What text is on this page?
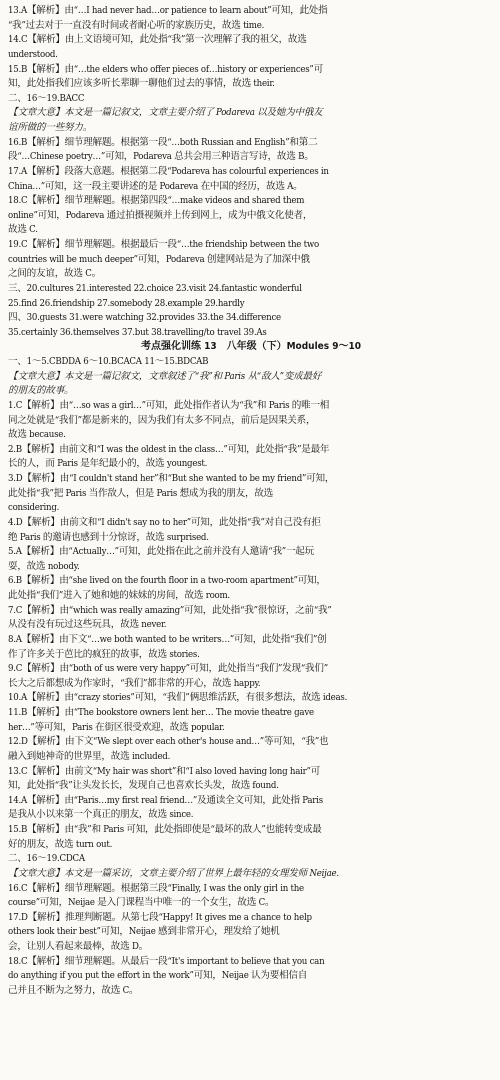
13.A【解析】由“…I had never had…or patience to learn about”可知，此处指
“我”过去对于一直没有时间或者耐心听的家族历史，故选 time.
14.C【解析】由上文语境可知，此处指“我”第一次理解了我的祖父，故选
understood.
15.B【解析】由“…the elders who offer pieces of…history or experiences”可
知，此处指我们应该多听长辈聊一聊他们过去的事情，故选 their.
二、16～19.BACC
【文章大意】本文是一篇记叙文，文章主要介绍了 Podareva 以及她为中俄友
谊所做的一些努力。
16.B【解析】细节理解题。根据第一段“…both Russian and English”和第二
段“…Chinese poetry…”可知，Podareva 总共会用三种语言写诗，故选 B。
17.A【解析】段落大意题。根据第二段“Podareva has colourful experiences in
China…”可知，这一段主要讲述的是 Podareva 在中国的经历，故选 A。
18.C【解析】细节理解题。根据第四段“…make videos and shared them
online”可知，Podareva 通过拍摄视频并上传到网上，成为中俄文化使者，
故选 C.
19.C【解析】细节理解题。根据最后一段“…the friendship between the two
countries will be much deeper”可知，Podareva 创建网站是为了加深中俄
之间的友谊，故选 C。
三、20.cultures 21.interested 22.choice 23.visit 24.fantastic wonderful
25.find 26.friendship 27.somebody 28.example 29.hardly
四、30.guests 31.were watching 32.provides 33.the 34.difference
35.certainly 36.themselves 37.but 38.travelling/to travel 39.As
考点强化训练 13　八年级（下）Modules 9～10
一、1～5.CBDDA 6～10.BCACA 11～15.BDCAB
【文章大意】本文是一篇记叙文，文章叙述了“我”和 Paris 从“敌人”变成最好
的朋友的故事。
1.C【解析】由“…so was a girl…”可知，此处指作者认为“我”和 Paris 的唯一相
同之处就是“我们”都是新来的，因为我们有太多不同点，前后是因果关系，
故选 because.
2.B【解析】由前文和“I was the oldest in the class…”可知，此处指“我”是最年
长的人，而 Paris 是年纪最小的，故选 youngest.
3.D【解析】由“I couldn't stand her”和“But she wanted to be my friend”可知，
此处指“我”把 Paris 当作敌人，但是 Paris 想成为我的朋友，故选
considering.
4.D【解析】由前文和“I didn't say no to her”可知，此处指“我”对自己没有拒
绝 Paris 的邀请也感到十分惊讶，故选 surprised.
5.A【解析】由“Actually…”可知，此处指在此之前并没有人邀请“我”一起玩
耍，故选 nobody.
6.B【解析】由“she lived on the fourth floor in a two-room apartment”可知，
此处指“我们”进入了她和她的妹妹的房间，故选 room.
7.C【解析】由“which was really amazing”可知，此处指“我”很惊讶，之前“我”
从没有没有玩过这些玩具，故选 never.
8.A【解析】由下文“…we both wanted to be writers…”可知，此处指“我们”创
作了许多关于芭比的疯狂的故事，故选 stories.
9.C【解析】由“both of us were very happy”可知，此处指当“我们”发现“我们”
长大之后都想成为作家时，“我们”都非常的开心，故选 happy.
10.A【解析】由“crazy stories”可知，“我们”俩思维活跃，有很多想法，故选 ideas.
11.B【解析】由“The bookstore owners lent her… The movie theatre gave
her…”等可知，Paris 在街区很受欢迎，故选 popular.
12.D【解析】由下文“We slept over each other's house and…”等可知，“我”也
融入到她神奇的世界里，故选 included.
13.C【解析】由前文“My hair was short”和“I also loved having long hair”可
知，此处指“我”让头发长长，发现自己也喜欢长头发，故选 found.
14.A【解析】由“Paris…my first real friend…”及通读全文可知，此处指 Paris
是我从小以来第一个真正的朋友，故选 since.
15.B【解析】由“我”和 Paris 可知，此处指即使是“最坏的敌人”也能转变成最
好的朋友，故选 turn out.
二、16～19.CDCA
【文章大意】本文是一篇采访，文章主要介绍了世界上最年轻的女理发师 Neijae.
16.C【解析】细节理解题。根据第三段“Finally, I was the only girl in the
course”可知，Neijae 是入门课程当中唯一的一个女生，故选 C。
17.D【解析】推理判断题。从第七段“Happy! It gives me a chance to help
others look their best”可知，Neijae 感到非常开心，理发给了她机
会，让别人看起来最棒，故选 D。
18.C【解析】细节理解题。从最后一段“It's important to believe that you can
do anything if you put the effort in the work”可知，Neijae 认为要相信自
己并且不断为之努力，故选 C。
